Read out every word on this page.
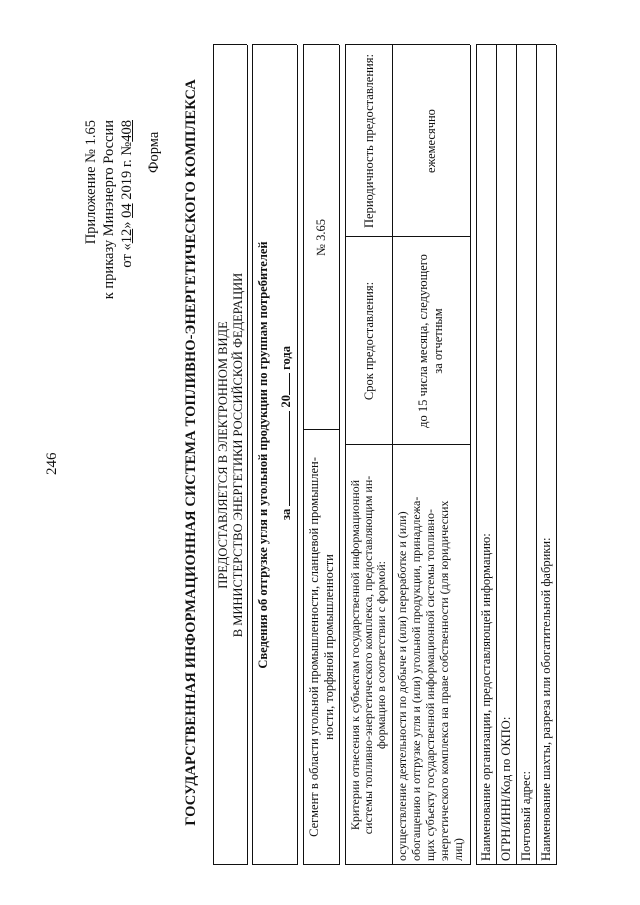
246
Приложение № 1.65 к приказу Минэнерго России от «12» 04 2019 г. №408
Форма ГОСУДАРСТВЕННАЯ ИНФОРМАЦИОННАЯ СИСТЕМА ТОПЛИВНО-ЭНЕРГЕТИЧЕСКОГО КОМПЛЕКСА ПРЕДОСТАВЛЯЕТСЯ В ЭЛЕКТРОННОМ ВИДЕ В МИНИСТЕРСТВО ЭНЕРГЕТИКИ РОССИЙСКОЙ ФЕДЕРАЦИИ Сведения об отгрузке угля и угольной продукции по группам потребителей за  20 года
Сегмент в области угольной промышленности, сланцевой промышлен- ности, торфяной промышленности
№ 3.65
Критерии отнесения к субъектам государственной информационной системы топливно-энергетического комплекса, предоставляющим ин- формацию в соответствии с формой:
Срок предоставления:
Периодичность предоставления:
осуществление деятельности по добыче и (или) переработке и (или) обогащению и отгрузке угля и (или) угольной продукции, принадлежа- щих субъекту государственной информационной системы топливно- энергетического комплекса на праве собственности (для юридических лиц)
до 15 числа месяца, следующего за отчетным
ежемесячно
Наименование организации, предоставляющей информацию: ОГРН/ИНН/Код по ОКПО: Почтовый адрес: Наименование шахты, разреза или обогатительной фабрики:
